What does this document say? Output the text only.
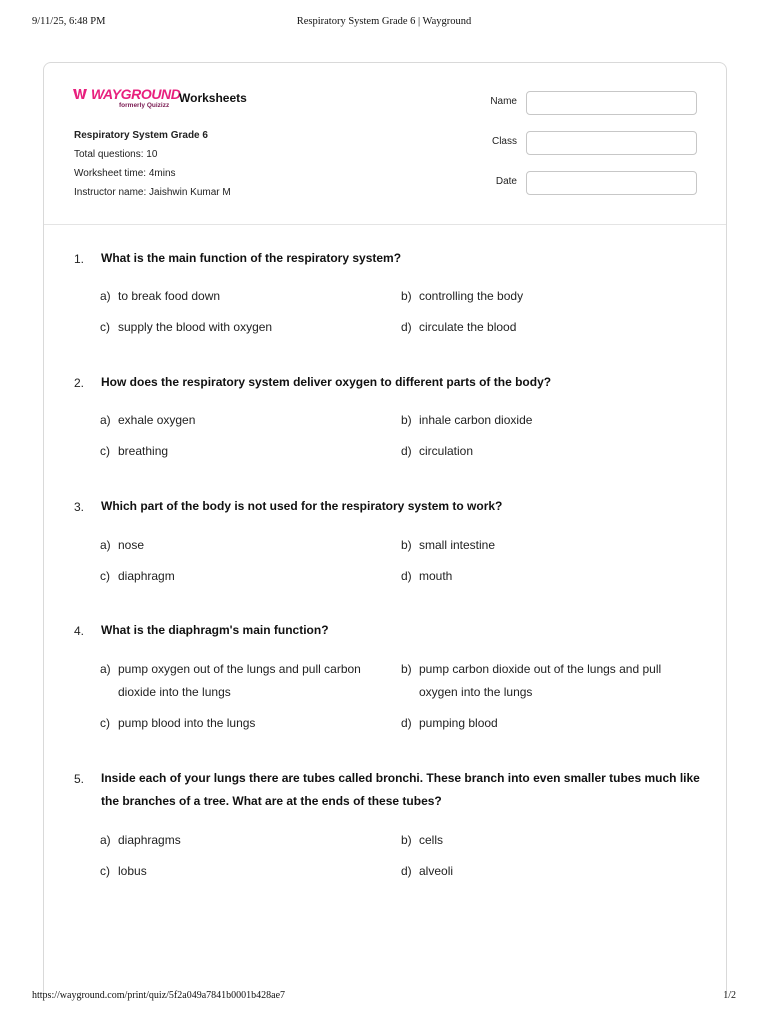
9/11/25, 6:48 PM	Respiratory System Grade 6 | Wayground
WAYGROUND
formerly Quizizz
Worksheets
Respiratory System Grade 6
Total questions: 10
Worksheet time: 4mins
Instructor name: Jaishwin Kumar M
Name
Class
Date
1. What is the main function of the respiratory system?
a) to break food down	b) controlling the body
c) supply the blood with oxygen	d) circulate the blood
2. How does the respiratory system deliver oxygen to different parts of the body?
a) exhale oxygen	b) inhale carbon dioxide
c) breathing	d) circulation
3. Which part of the body is not used for the respiratory system to work?
a) nose	b) small intestine
c) diaphragm	d) mouth
4. What is the diaphragm's main function?
a) pump oxygen out of the lungs and pull carbon dioxide into the lungs
b) pump carbon dioxide out of the lungs and pull oxygen into the lungs
c) pump blood into the lungs	d) pumping blood
5. Inside each of your lungs there are tubes called bronchi. These branch into even smaller tubes much like the branches of a tree. What are at the ends of these tubes?
a) diaphragms	b) cells
c) lobus	d) alveoli
https://wayground.com/print/quiz/5f2a049a7841b0001b428ae7	1/2
